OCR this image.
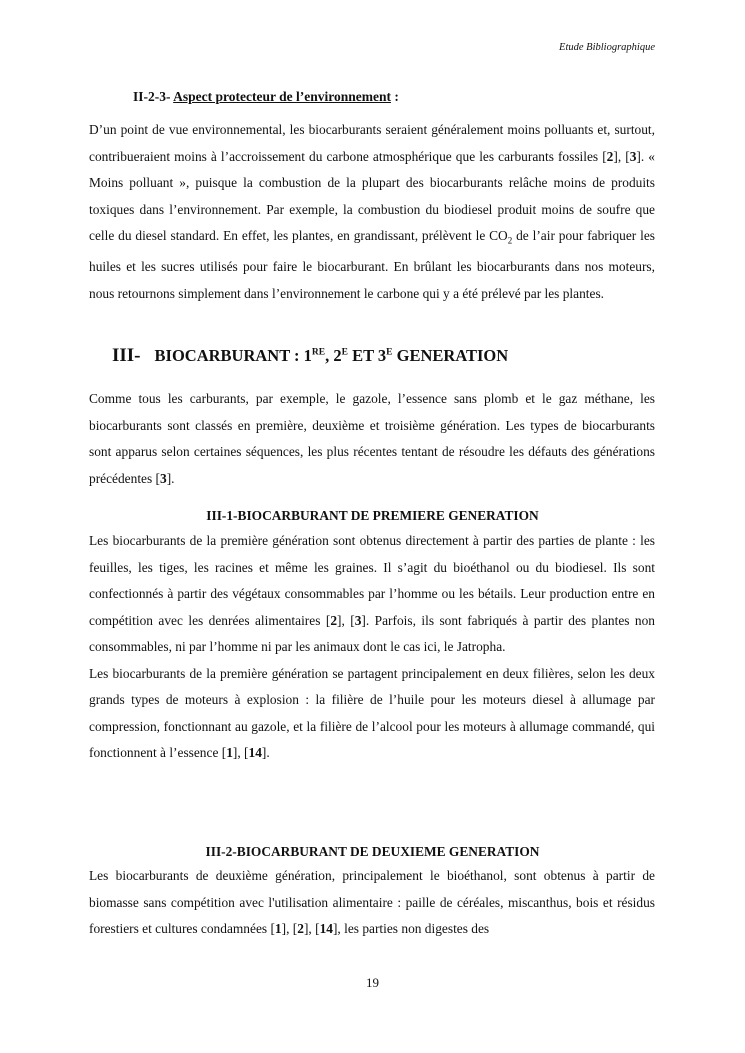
Etude Bibliographique
II-2-3- Aspect protecteur de l’environnement :

D’un point de vue environnemental, les biocarburants seraient généralement moins polluants et, surtout, contribueraient moins à l’accroissement du carbone atmosphérique que les carburants fossiles [2], [3]. « Moins polluant », puisque la combustion de la plupart des biocarburants relâche moins de produits toxiques dans l’environnement. Par exemple, la combustion du biodiesel produit moins de soufre que celle du diesel standard. En effet, les plantes, en grandissant, prélèvent le $CO_2$ de l’air pour fabriquer les huiles et les sucres utilisés pour faire le biocarburant. En brûlant les biocarburants dans nos moteurs, nous retournons simplement dans l’environnement le carbone qui y a été prélevé par les plantes.

III- BIOCARBURANT : 1RE, $2^E$ ET $3^E$ GENERATION

Comme tous les carburants, par exemple, le gazole, l’essence sans plomb et le gaz méthane, les biocarburants sont classés en première, deuxième et troisième génération. Les types de biocarburants sont apparus selon certaines séquences, les plus récentes tentant de résoudre les défauts des générations précédentes [3].

III-1-BIOCARBURANT DE PREMIERE GENERATION

Les biocarburants de la première génération sont obtenus directement à partir des parties de plante : les feuilles, les tiges, les racines et même les graines. Il s’agit du bioéthanol ou du biodiesel. Ils sont confectionnés à partir des végétaux consommables par l’homme ou les bétails. Leur production entre en compétition avec les denrées alimentaires [2], [3]. Parfois, ils sont fabriqués à partir des plantes non consommables, ni par l’homme ni par les animaux dont le cas ici, le Jatropha.

Les biocarburants de la première génération se partagent principalement en deux filières, selon les deux grands types de moteurs à explosion : la filière de l’huile pour les moteurs diesel à allumage par compression, fonctionnant au gazole, et la filière de l’alcool pour les moteurs à allumage commandé, qui fonctionnent à l’essence [1], [14].

III-2-BIOCARBURANT DE DEUXIEME GENERATION

Les biocarburants de deuxième génération, principalement le bioéthanol, sont obtenus à partir de biomasse sans compétition avec l'utilisation alimentaire : paille de céréales, miscanthus, bois et résidus forestiers et cultures condamnées [1], [2], [14], les parties non digestes des

19
